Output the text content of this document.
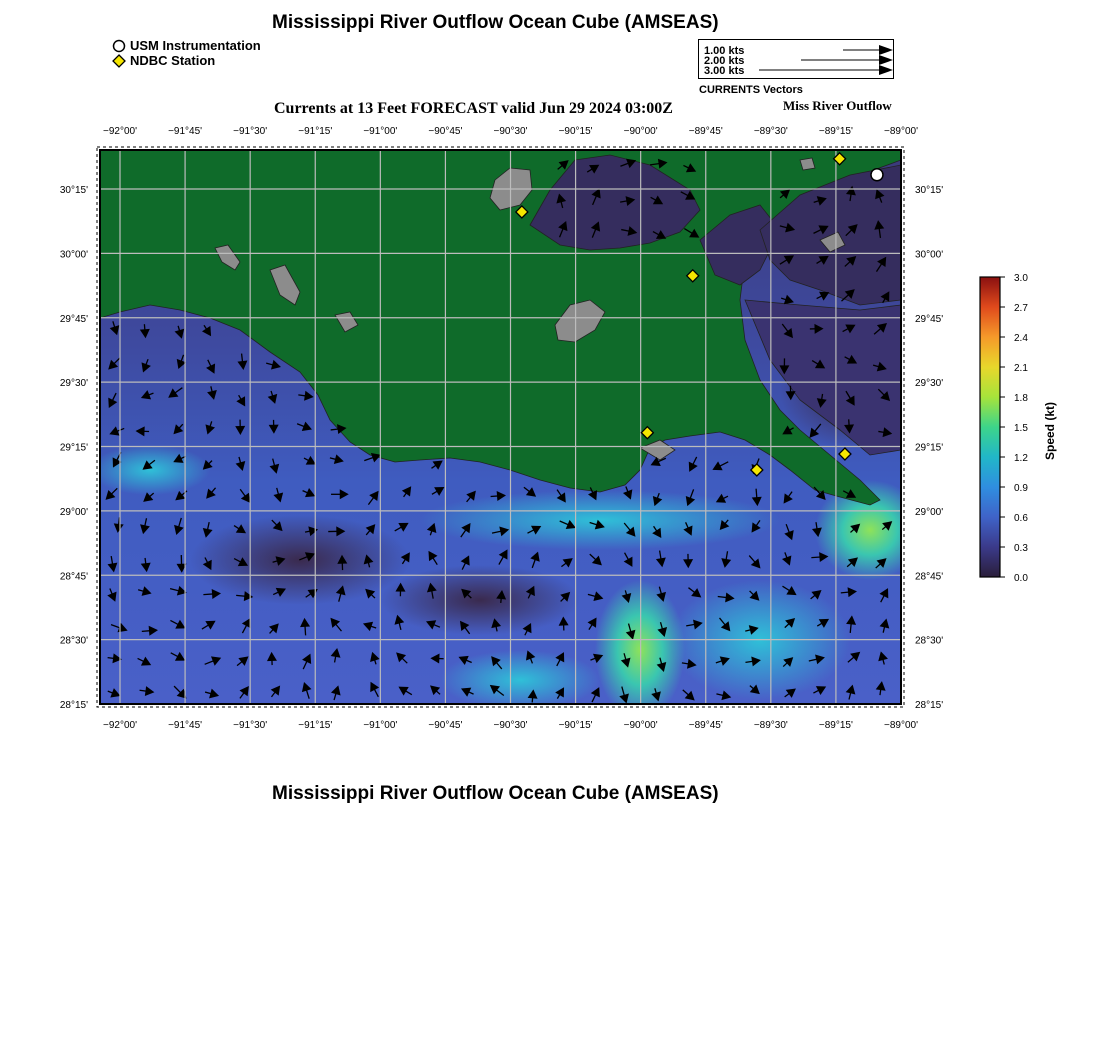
Mississippi River Outflow Ocean Cube (AMSEAS)
Mississippi River Outflow Ocean Cube (AMSEAS)
USM Instrumentation
NDBC Station
1.00 kts
2.00 kts
3.00 kts
CURRENTS Vectors
Currents at 13 Feet FORECAST valid Jun 29 2024 03:00Z	Miss River Outflow
−92°00'	−91°45'	−91°30'	−91°15'	−91°00'	−90°45'	−90°30'	−90°15'	−90°00'	−89°45'	−89°30'	−89°15'	−89°00'
−92°00'	−91°45'	−91°30'	−91°15'	−91°00'	−90°45'	−90°30'	−90°15'	−90°00'	−89°45'	−89°30'	−89°15'	−89°00'
30°15'
30°00'
29°45'
29°30'
29°15'
29°00'
28°45'
28°30'
28°15'
30°15'
30°00'
29°45'
29°30'
29°15'
29°00'
28°45'
28°30'
28°15'
3.0
2.7
2.4
2.1
1.8
1.5
1.2
0.9
0.6
0.3
0.0
Speed (kt)
